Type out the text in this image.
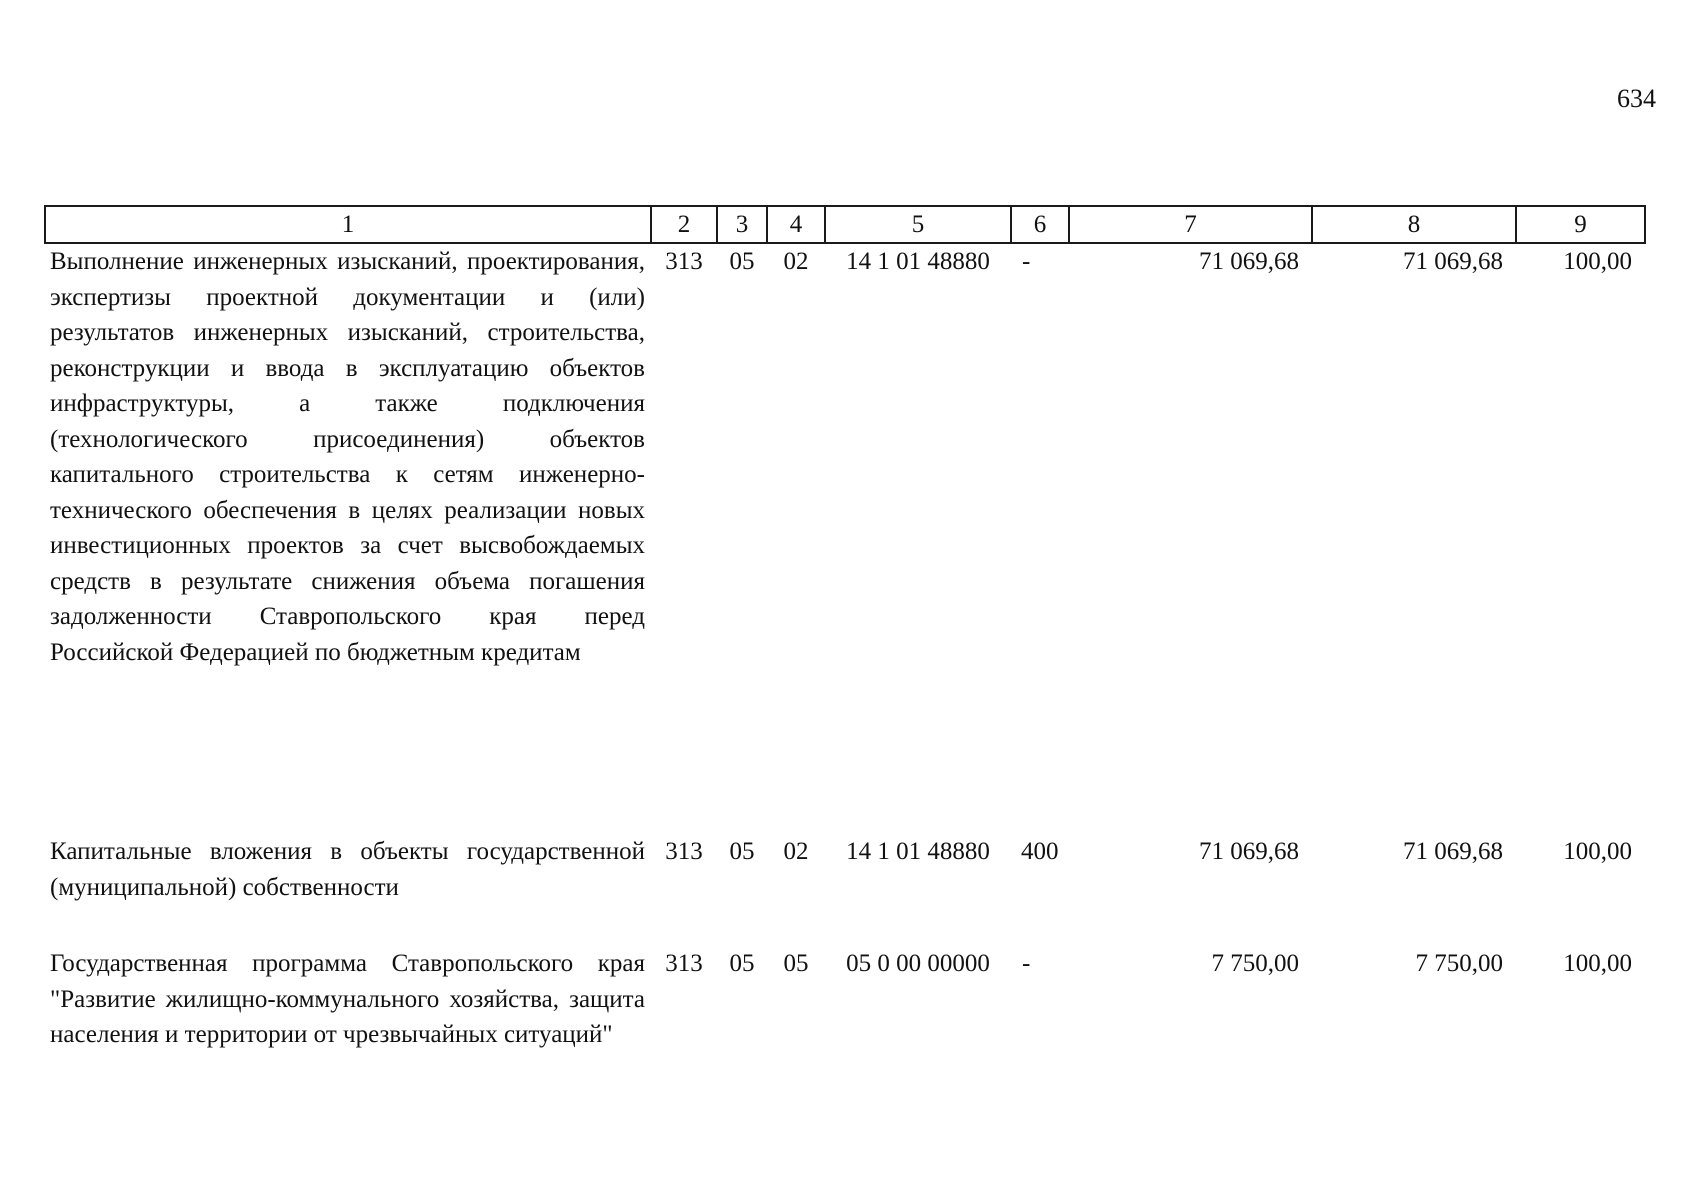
634
1	2	3	4	5	6	7	8	9
Выполнение инженерных изысканий, проектирования, экспертизы проектной документации и (или) результатов инженерных изысканий, строительства, реконструкции и ввода в эксплуатацию объектов инфраструктуры, а также подключения (технологического присоединения) объектов капитального строительства к сетям инженерно-технического обеспечения в целях реализации новых инвестиционных проектов за счет высвобождаемых средств в результате снижения объема погашения задолженности Ставропольского края перед Российской Федерацией по бюджетным кредитам	313	05	02	14 1 01 48880	-	71 069,68	71 069,68	100,00
Капитальные вложения в объекты государственной (муниципальной) собственности	313	05	02	14 1 01 48880	400	71 069,68	71 069,68	100,00
Государственная программа Ставропольского края "Развитие жилищно-коммунального хозяйства, защита населения и территории от чрезвычайных ситуаций"	313	05	05	05 0 00 00000	-	7 750,00	7 750,00	100,00
